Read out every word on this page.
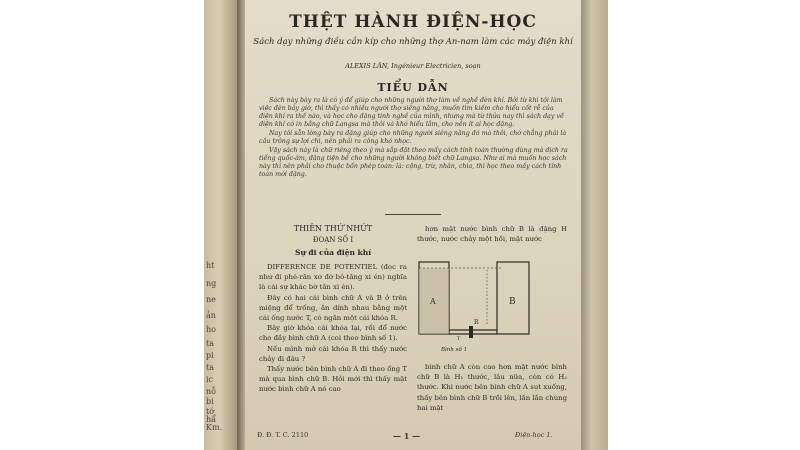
ht
ng
ne
ản
ho
ta
pi
ta
ic
nỗ
bi
tớ
hẩ
Km.
THỆT HÀNH ĐIỆN-HỌC
Sách dạy những điều cần kíp cho những thợ An-nam làm các máy điện khí
ALEXIS LÂN, Ingénieur Electricien, soạn
TIỂU DẪN

Sách này bày ra là có ý để giúp cho những người thợ làm về nghề đèn khí. Bởi từ khi tôi làm việc đèn bảy giờ, thì thấy có nhiều người thợ siêng năng, muốn tìm kiếm cho hiểu cốt rễ của điện khí ra thế nào, và học cho đặng tinh nghề của mình, nhưng mà từ thửa nay thì sách dạy về điện khí có in bằng chữ Langsa mà thôi và khó hiểu lắm, cho nên ít ai học đặng.

Nay tôi sẵn lòng bày ra đặng giúp cho những người siêng năng đó mà thôi, chớ chẳng phải là cầu trông sự lợi chi, nên phải ra công khó nhọc.

Vậy sách này là chữ riêng theo ý mà sắp đặt theo mấy cách tính toán thường dùng mà dịch ra tiếng quốc-âm, đặng tiện bề cho những người không biết chữ Langsa. Như ai mà muốn học sách này thì nên phải cho thuộc bốn phép toán: là: cộng, trừ, nhân, chia, thì học theo mấy cách tính toán mới đặng.

THIÊN THỨ NHỨT
ĐOẠN SỐ I
Sự đi của điện khí

DIFFERENCE DE POTENTIEL (đọc ra như đi phé-răn xơ đờ bô-tăng xi én) nghĩa là cái sự khác bờ tăn xi én).

Đây có hai cái bình chữ A và B ở trên miệng để trống, ăn dính nhau bằng một cái ống nước T, có ngăn một cái khóa R.

Bây giờ khóa cái khóa lại, rồi đổ nước cho đầy bình chữ A (coi theo bình số 1).

Nếu mình mở cái khóa R thì thấy nước chảy đi đâu ?

Thấy nước bên bình chữ A đi theo ống T mà qua bình chữ B. Hỏi mới thì thấy mặt nước bình chữ A nó cao

hơn mặt nước bình chữ B là đặng H thước, nước chảy một hồi, mặt nước

A	B
R
T
Bình số 1

bình chữ A còn cao hơn mặt nước bình chữ B là H₁ thước, lâu nữa, còn có H₂ thước. Khi nước bên bình chữ A sụt xuống, thấy bên bình chữ B trồi lên, lần lần chùng hai mặt

Đ. Đ. T. C. 2110	— 1 —	Điện-học 1.
